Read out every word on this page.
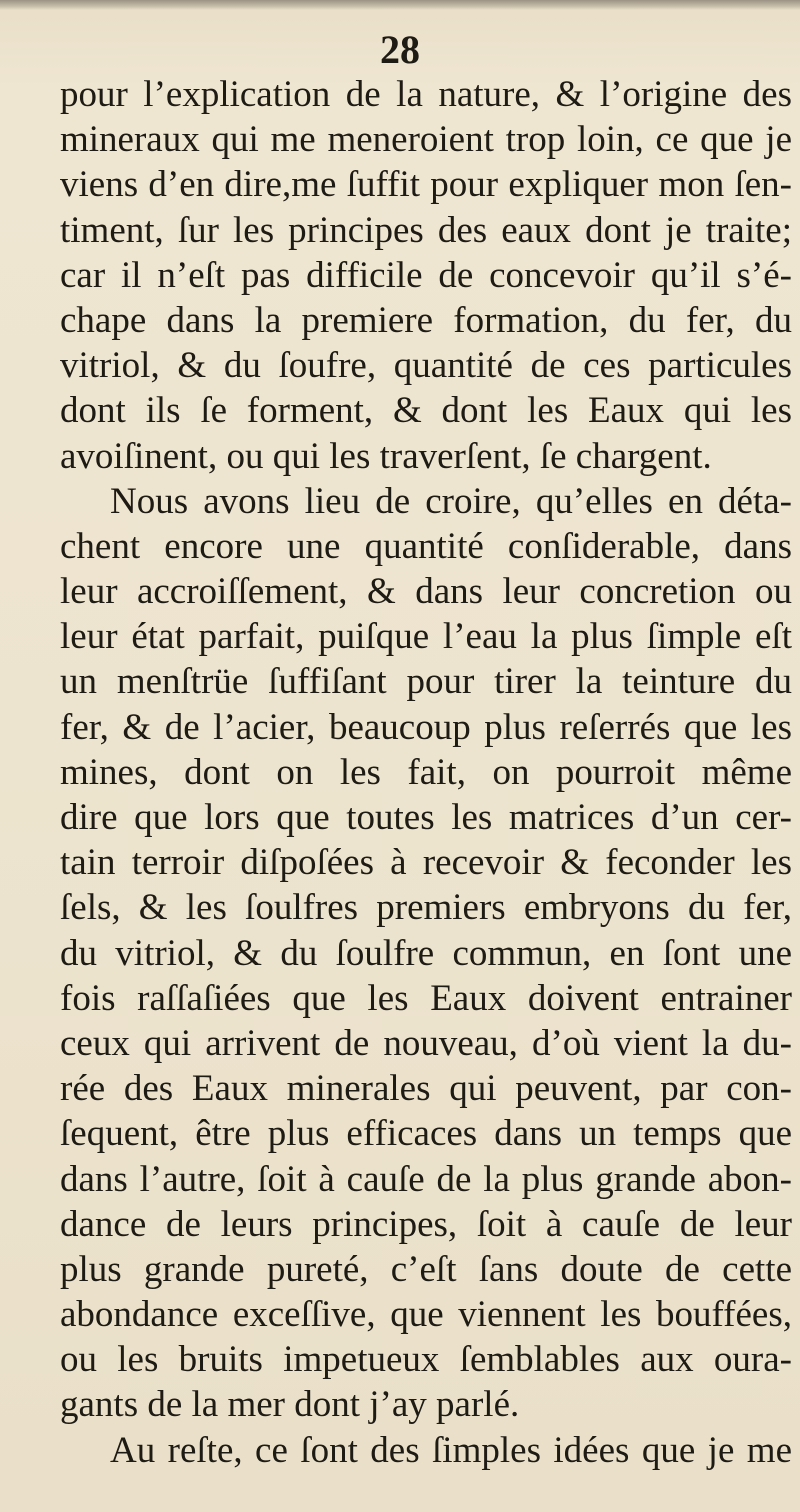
28
pour l’explication de la nature, & l’origine des
mineraux qui me meneroient trop loin, ce que je
viens d’en dire,me ſuffit pour expliquer mon ſen-
timent, ſur les principes des eaux dont je traite;
car il n’eſt pas difficile de concevoir qu’il s’é-
chape dans la premiere formation, du fer, du
vitriol, & du ſoufre, quantité de ces particules
dont ils ſe forment, & dont les Eaux qui les
avoiſinent, ou qui les traverſent, ſe chargent.
Nous avons lieu de croire, qu’elles en déta-
chent encore une quantité conſiderable, dans
leur accroiſſement, & dans leur concretion ou
leur état parfait, puiſque l’eau la plus ſimple eſt
un menſtrüe ſuffiſant pour tirer la teinture du
fer, & de l’acier, beaucoup plus reſerrés que les
mines, dont on les fait, on pourroit même
dire que lors que toutes les matrices d’un cer-
tain terroir diſpoſées à recevoir & feconder les
ſels, & les ſoulfres premiers embryons du fer,
du vitriol, & du ſoulfre commun, en ſont une
fois raſſaſiées que les Eaux doivent entrainer
ceux qui arrivent de nouveau, d’où vient la du-
rée des Eaux minerales qui peuvent, par con-
ſequent, être plus efficaces dans un temps que
dans l’autre, ſoit à cauſe de la plus grande abon-
dance de leurs principes, ſoit à cauſe de leur
plus grande pureté, c’eſt ſans doute de cette
abondance exceſſive, que viennent les bouffées,
ou les bruits impetueux ſemblables aux oura-
gants de la mer dont j’ay parlé.
Au reſte, ce ſont des ſimples idées que je me
